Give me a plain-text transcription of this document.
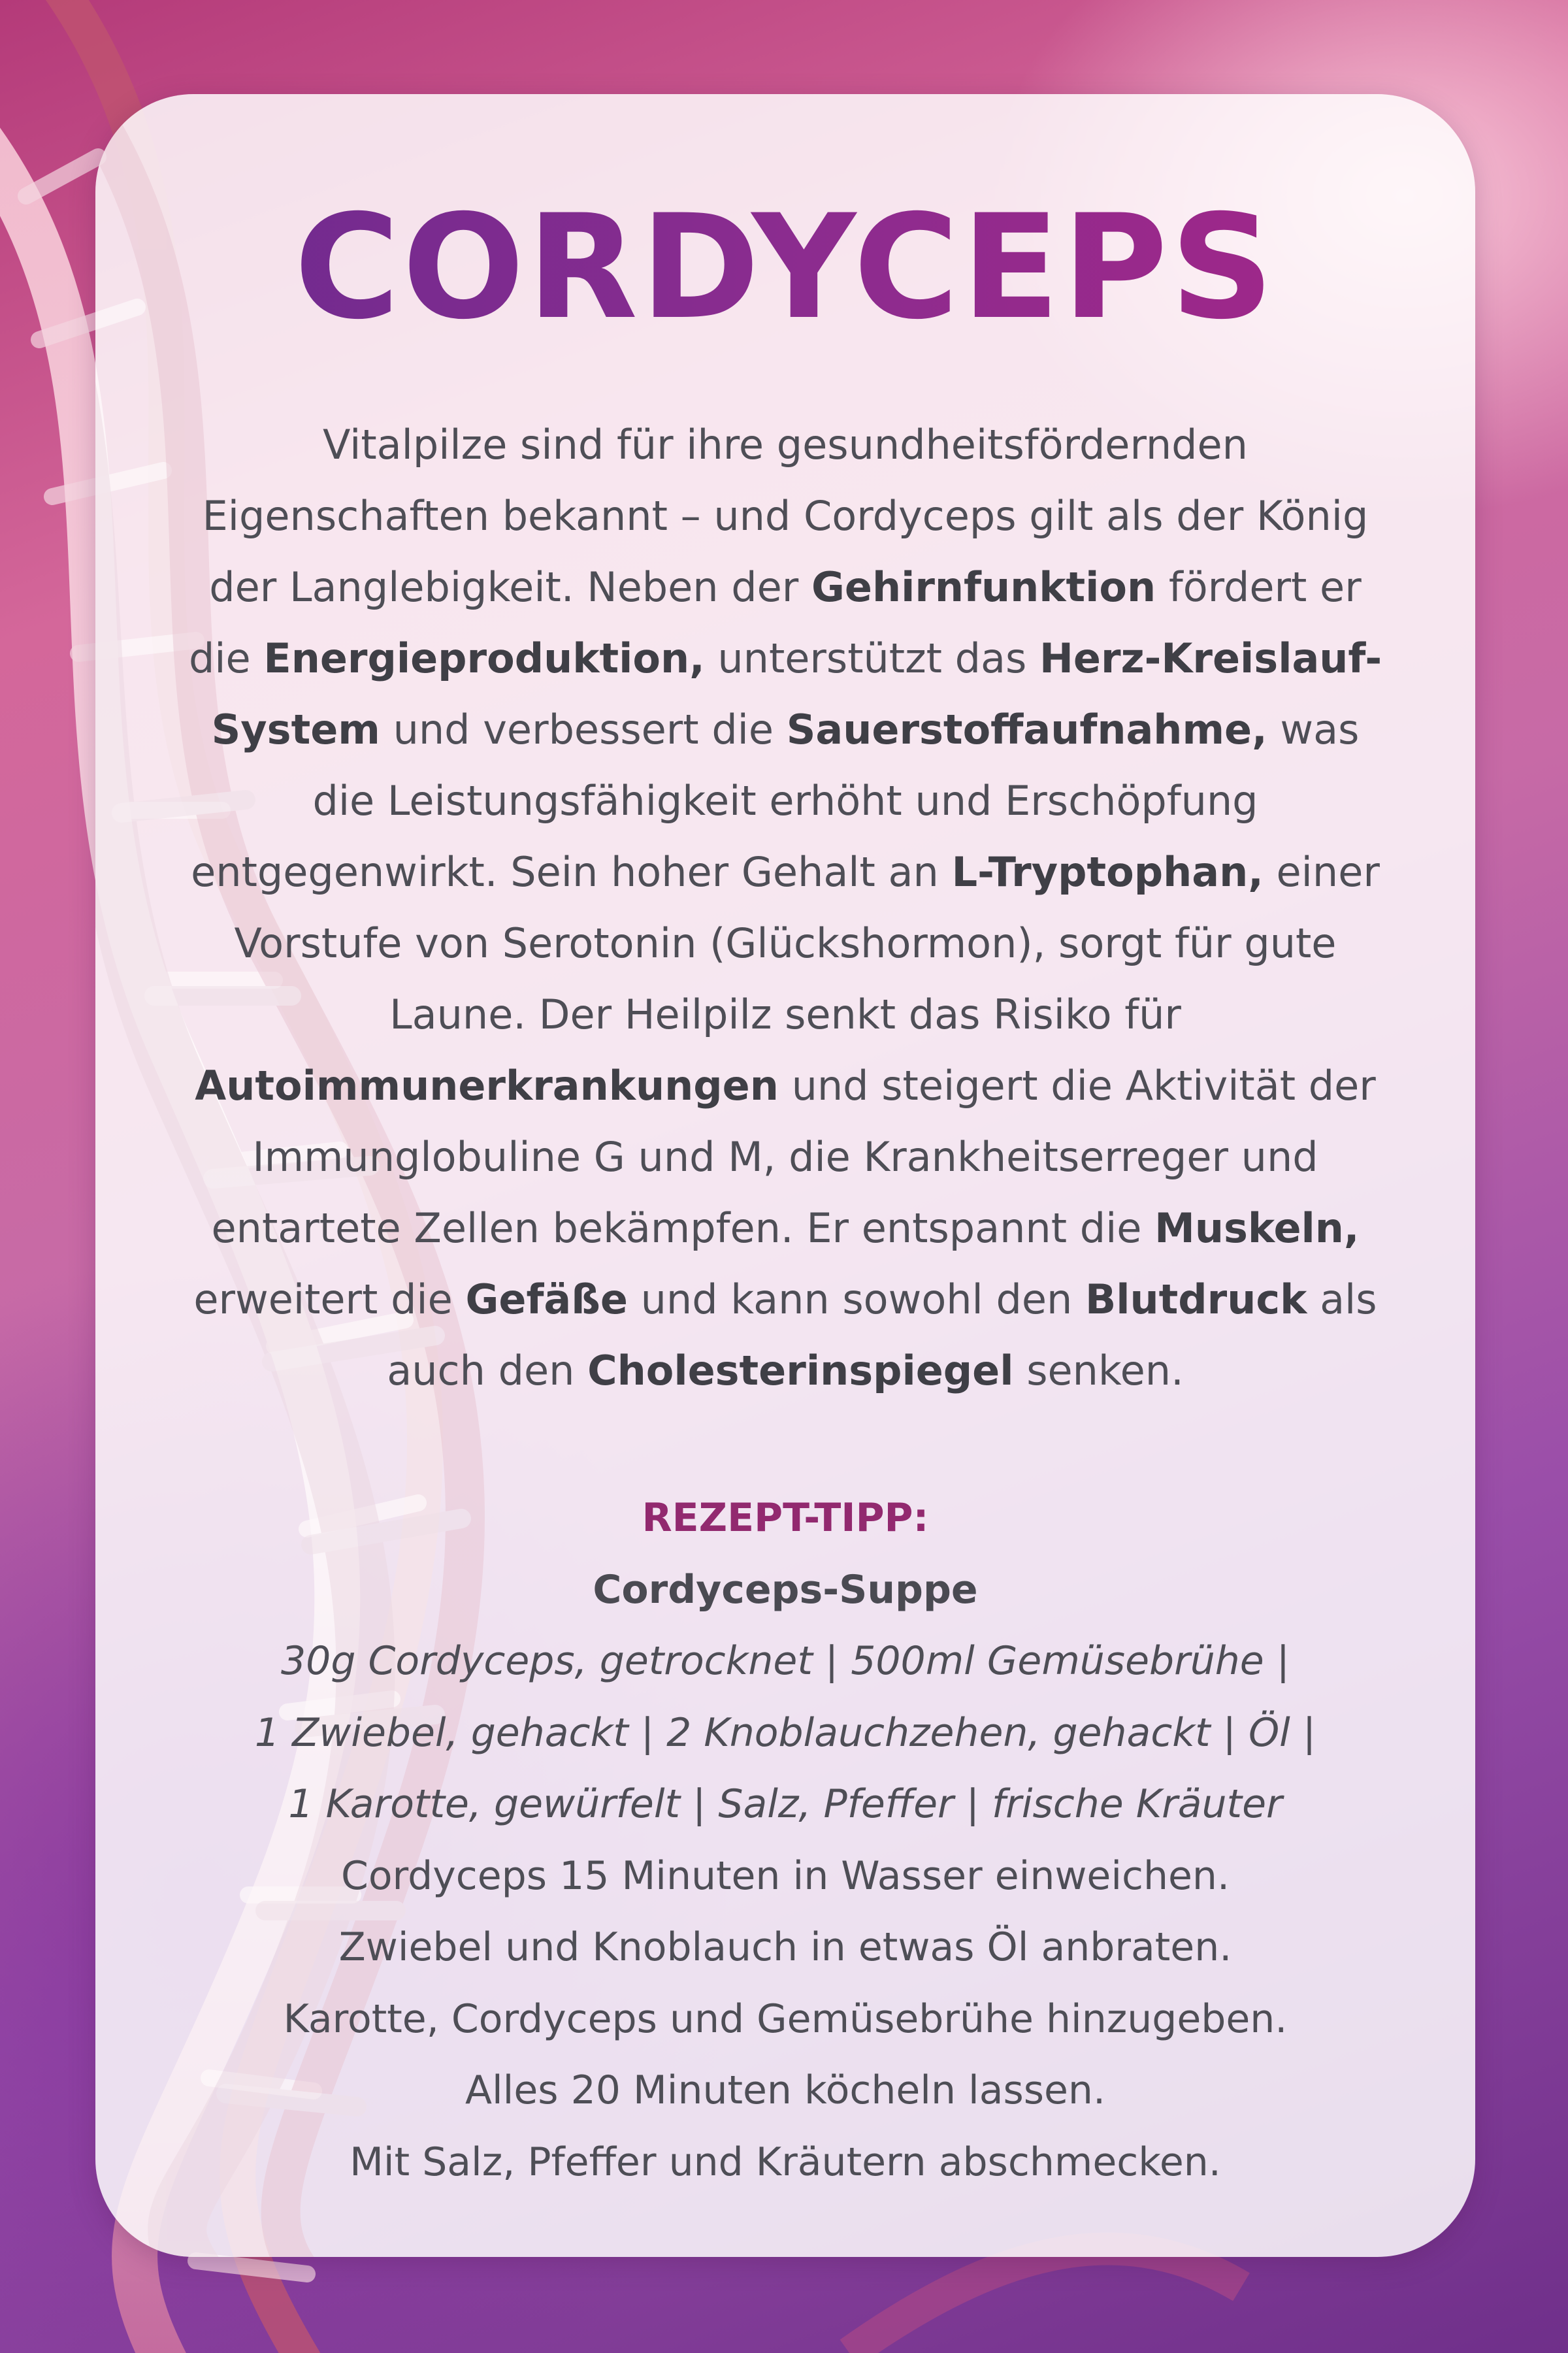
CORDYCEPS

Vitalpilze sind für ihre gesundheitsfördernden Eigenschaften bekannt – und Cordyceps gilt als der König der Langlebigkeit. Neben der Gehirnfunktion fördert er die Energieproduktion, unterstützt das Herz-Kreislauf-System und verbessert die Sauerstoffaufnahme, was die Leistungsfähigkeit erhöht und Erschöpfung entgegenwirkt. Sein hoher Gehalt an L-Tryptophan, einer Vorstufe von Serotonin (Glückshormon), sorgt für gute Laune. Der Heilpilz senkt das Risiko für Autoimmunerkrankungen und steigert die Aktivität der Immunglobuline G und M, die Krankheitserreger und entartete Zellen bekämpfen. Er entspannt die Muskeln, erweitert die Gefäße und kann sowohl den Blutdruck als auch den Cholesterinspiegel senken.

REZEPT-TIPP:
Cordyceps-Suppe
30g Cordyceps, getrocknet | 500ml Gemüsebrühe |
1 Zwiebel, gehackt | 2 Knoblauchzehen, gehackt | Öl |
1 Karotte, gewürfelt | Salz, Pfeffer | frische Kräuter
Cordyceps 15 Minuten in Wasser einweichen.
Zwiebel und Knoblauch in etwas Öl anbraten.
Karotte, Cordyceps und Gemüsebrühe hinzugeben.
Alles 20 Minuten köcheln lassen.
Mit Salz, Pfeffer und Kräutern abschmecken.
